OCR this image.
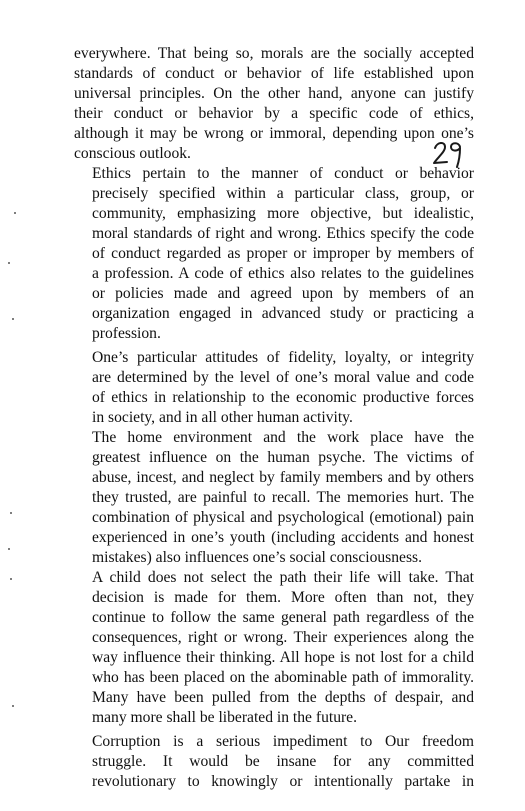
everywhere. That being so, morals are the socially accepted
standards of conduct or behavior of life established upon
universal principles. On the other hand, anyone can justify
their conduct or behavior by a specific code of ethics,
although it may be wrong or immoral, depending upon one’s
conscious outlook.

Ethics pertain to the manner of conduct or behavior
precisely specified within a particular class, group, or
community, emphasizing more objective, but idealistic,
moral standards of right and wrong. Ethics specify the code
of conduct regarded as proper or improper by members of
a profession. A code of ethics also relates to the guidelines
or policies made and agreed upon by members of an
organization engaged in advanced study or practicing a
profession.

One’s particular attitudes of fidelity, loyalty, or integrity
are determined by the level of one’s moral value and code
of ethics in relationship to the economic productive forces
in society, and in all other human activity.

The home environment and the work place have the
greatest influence on the human psyche. The victims of
abuse, incest, and neglect by family members and by others
they trusted, are painful to recall. The memories hurt. The
combination of physical and psychological (emotional) pain
experienced in one’s youth (including accidents and honest
mistakes) also influences one’s social consciousness.

A child does not select the path their life will take. That
decision is made for them. More often than not, they
continue to follow the same general path regardless of the
consequences, right or wrong. Their experiences along the
way influence their thinking. All hope is not lost for a child
who has been placed on the abominable path of immorality.
Many have been pulled from the depths of despair, and
many more shall be liberated in the future.

Corruption is a serious impediment to Our freedom
struggle. It would be insane for any committed
revolutionary to knowingly or intentionally partake in
